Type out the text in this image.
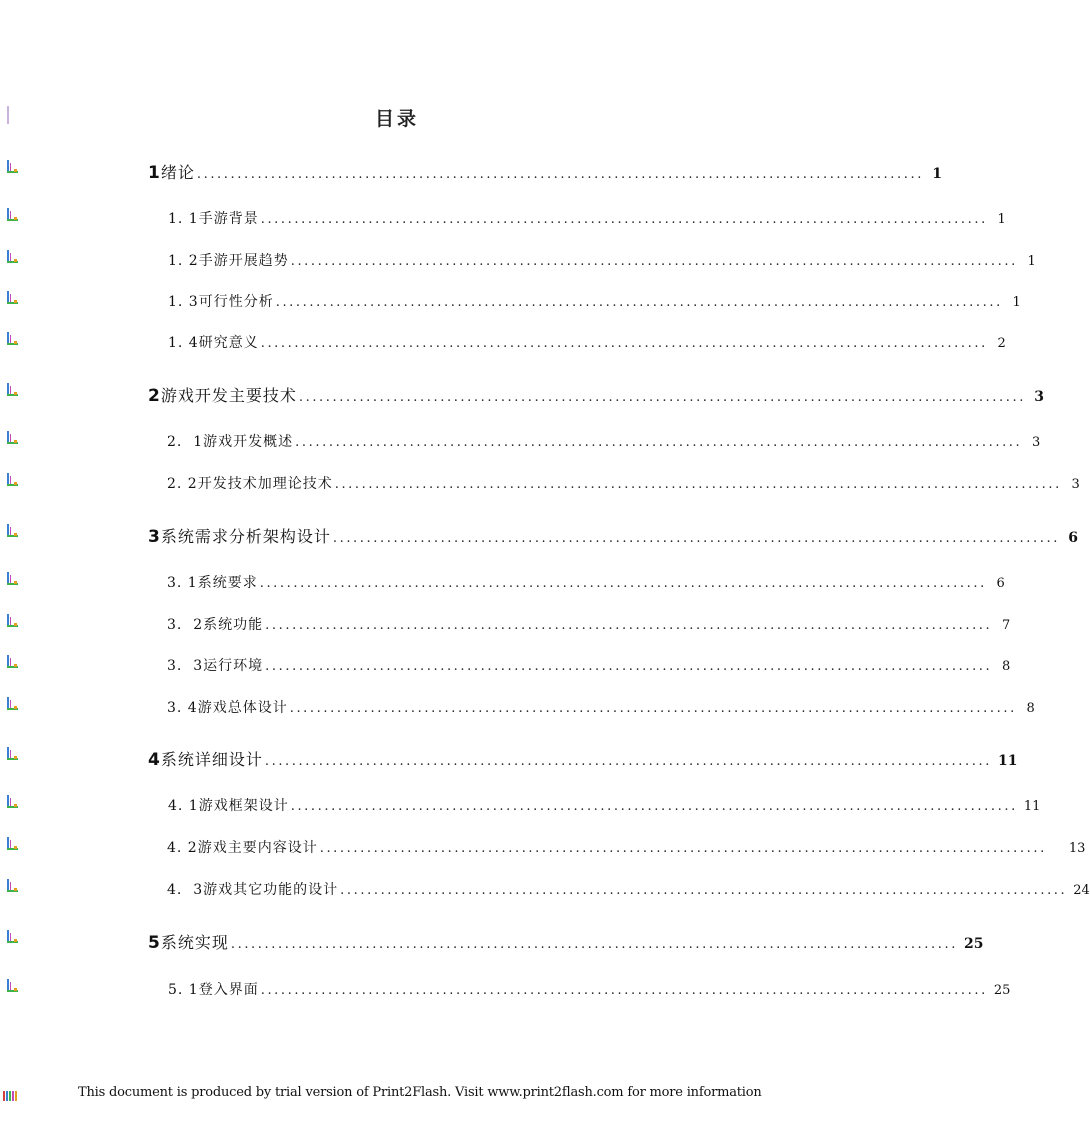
目录
1绪论 ............................................................................................................ 1
1. 1手游背景 ............................................................................................................ 1
1. 2手游开展趋势 ............................................................................................................ 1
1. 3可行性分析 ............................................................................................................ 1
1. 4研究意义 ............................................................................................................ 2
2游戏开发主要技术 ............................................................................................................ 3
2.  1游戏开发概述 ............................................................................................................ 3
2. 2开发技术加理论技术 ............................................................................................................ 3
3系统需求分析架构设计 ............................................................................................................ 6
3. 1系统要求 ............................................................................................................ 6
3.  2系统功能 ............................................................................................................ 7
3.  3运行环境 ............................................................................................................ 8
3. 4游戏总体设计 ............................................................................................................ 8
4系统详细设计 ............................................................................................................ 11
4. 1游戏框架设计 ............................................................................................................ 11
4. 2游戏主要内容设计 ............................................................................................................ 13
4.  3游戏其它功能的设计 ............................................................................................................ 24
5系统实现 ............................................................................................................ 25
5. 1登入界面 ............................................................................................................ 25
This document is produced by trial version of Print2Flash. Visit www.print2flash.com for more information
